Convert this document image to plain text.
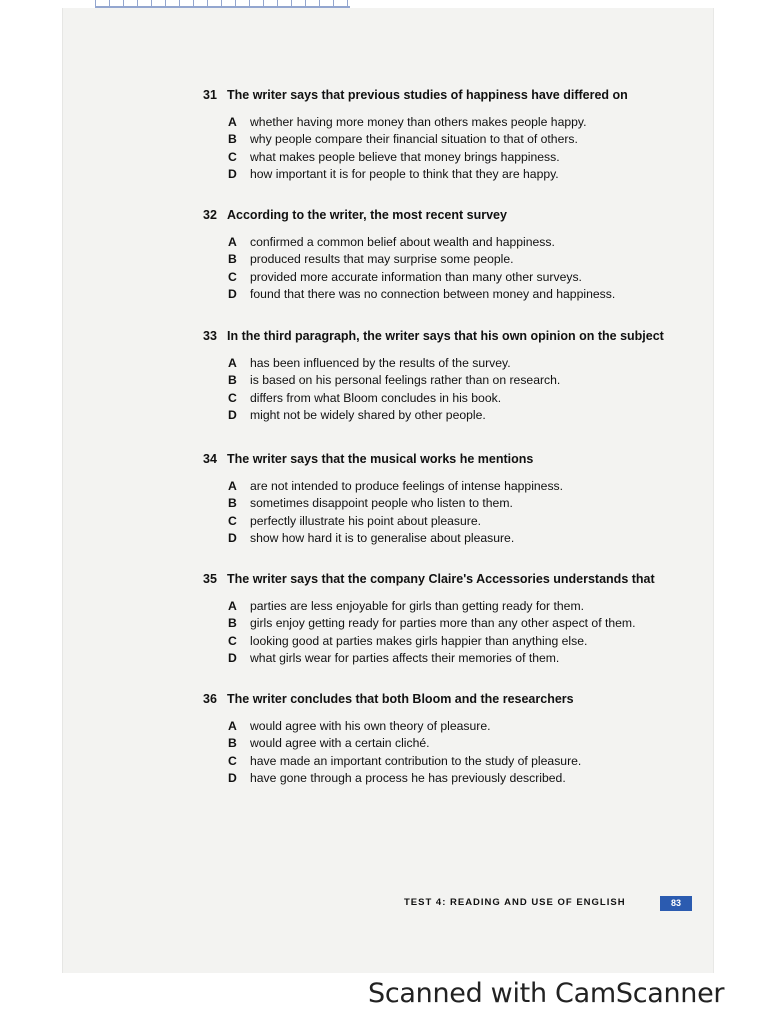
31 The writer says that previous studies of happiness have differed on
A	whether having more money than others makes people happy.
B	why people compare their financial situation to that of others.
C	what makes people believe that money brings happiness.
D	how important it is for people to think that they are happy.
32 According to the writer, the most recent survey
A	confirmed a common belief about wealth and happiness.
B	produced results that may surprise some people.
C	provided more accurate information than many other surveys.
D	found that there was no connection between money and happiness.
33 In the third paragraph, the writer says that his own opinion on the subject
A	has been influenced by the results of the survey.
B	is based on his personal feelings rather than on research.
C	differs from what Bloom concludes in his book.
D	might not be widely shared by other people.
34 The writer says that the musical works he mentions
A	are not intended to produce feelings of intense happiness.
B	sometimes disappoint people who listen to them.
C	perfectly illustrate his point about pleasure.
D	show how hard it is to generalise about pleasure.
35 The writer says that the company Claire's Accessories understands that
A	parties are less enjoyable for girls than getting ready for them.
B	girls enjoy getting ready for parties more than any other aspect of them.
C	looking good at parties makes girls happier than anything else.
D	what girls wear for parties affects their memories of them.
36 The writer concludes that both Bloom and the researchers
A	would agree with his own theory of pleasure.
B	would agree with a certain cliché.
C	have made an important contribution to the study of pleasure.
D	have gone through a process he has previously described.
TEST 4: READING AND USE OF ENGLISH	83
Scanned with CamScanner
